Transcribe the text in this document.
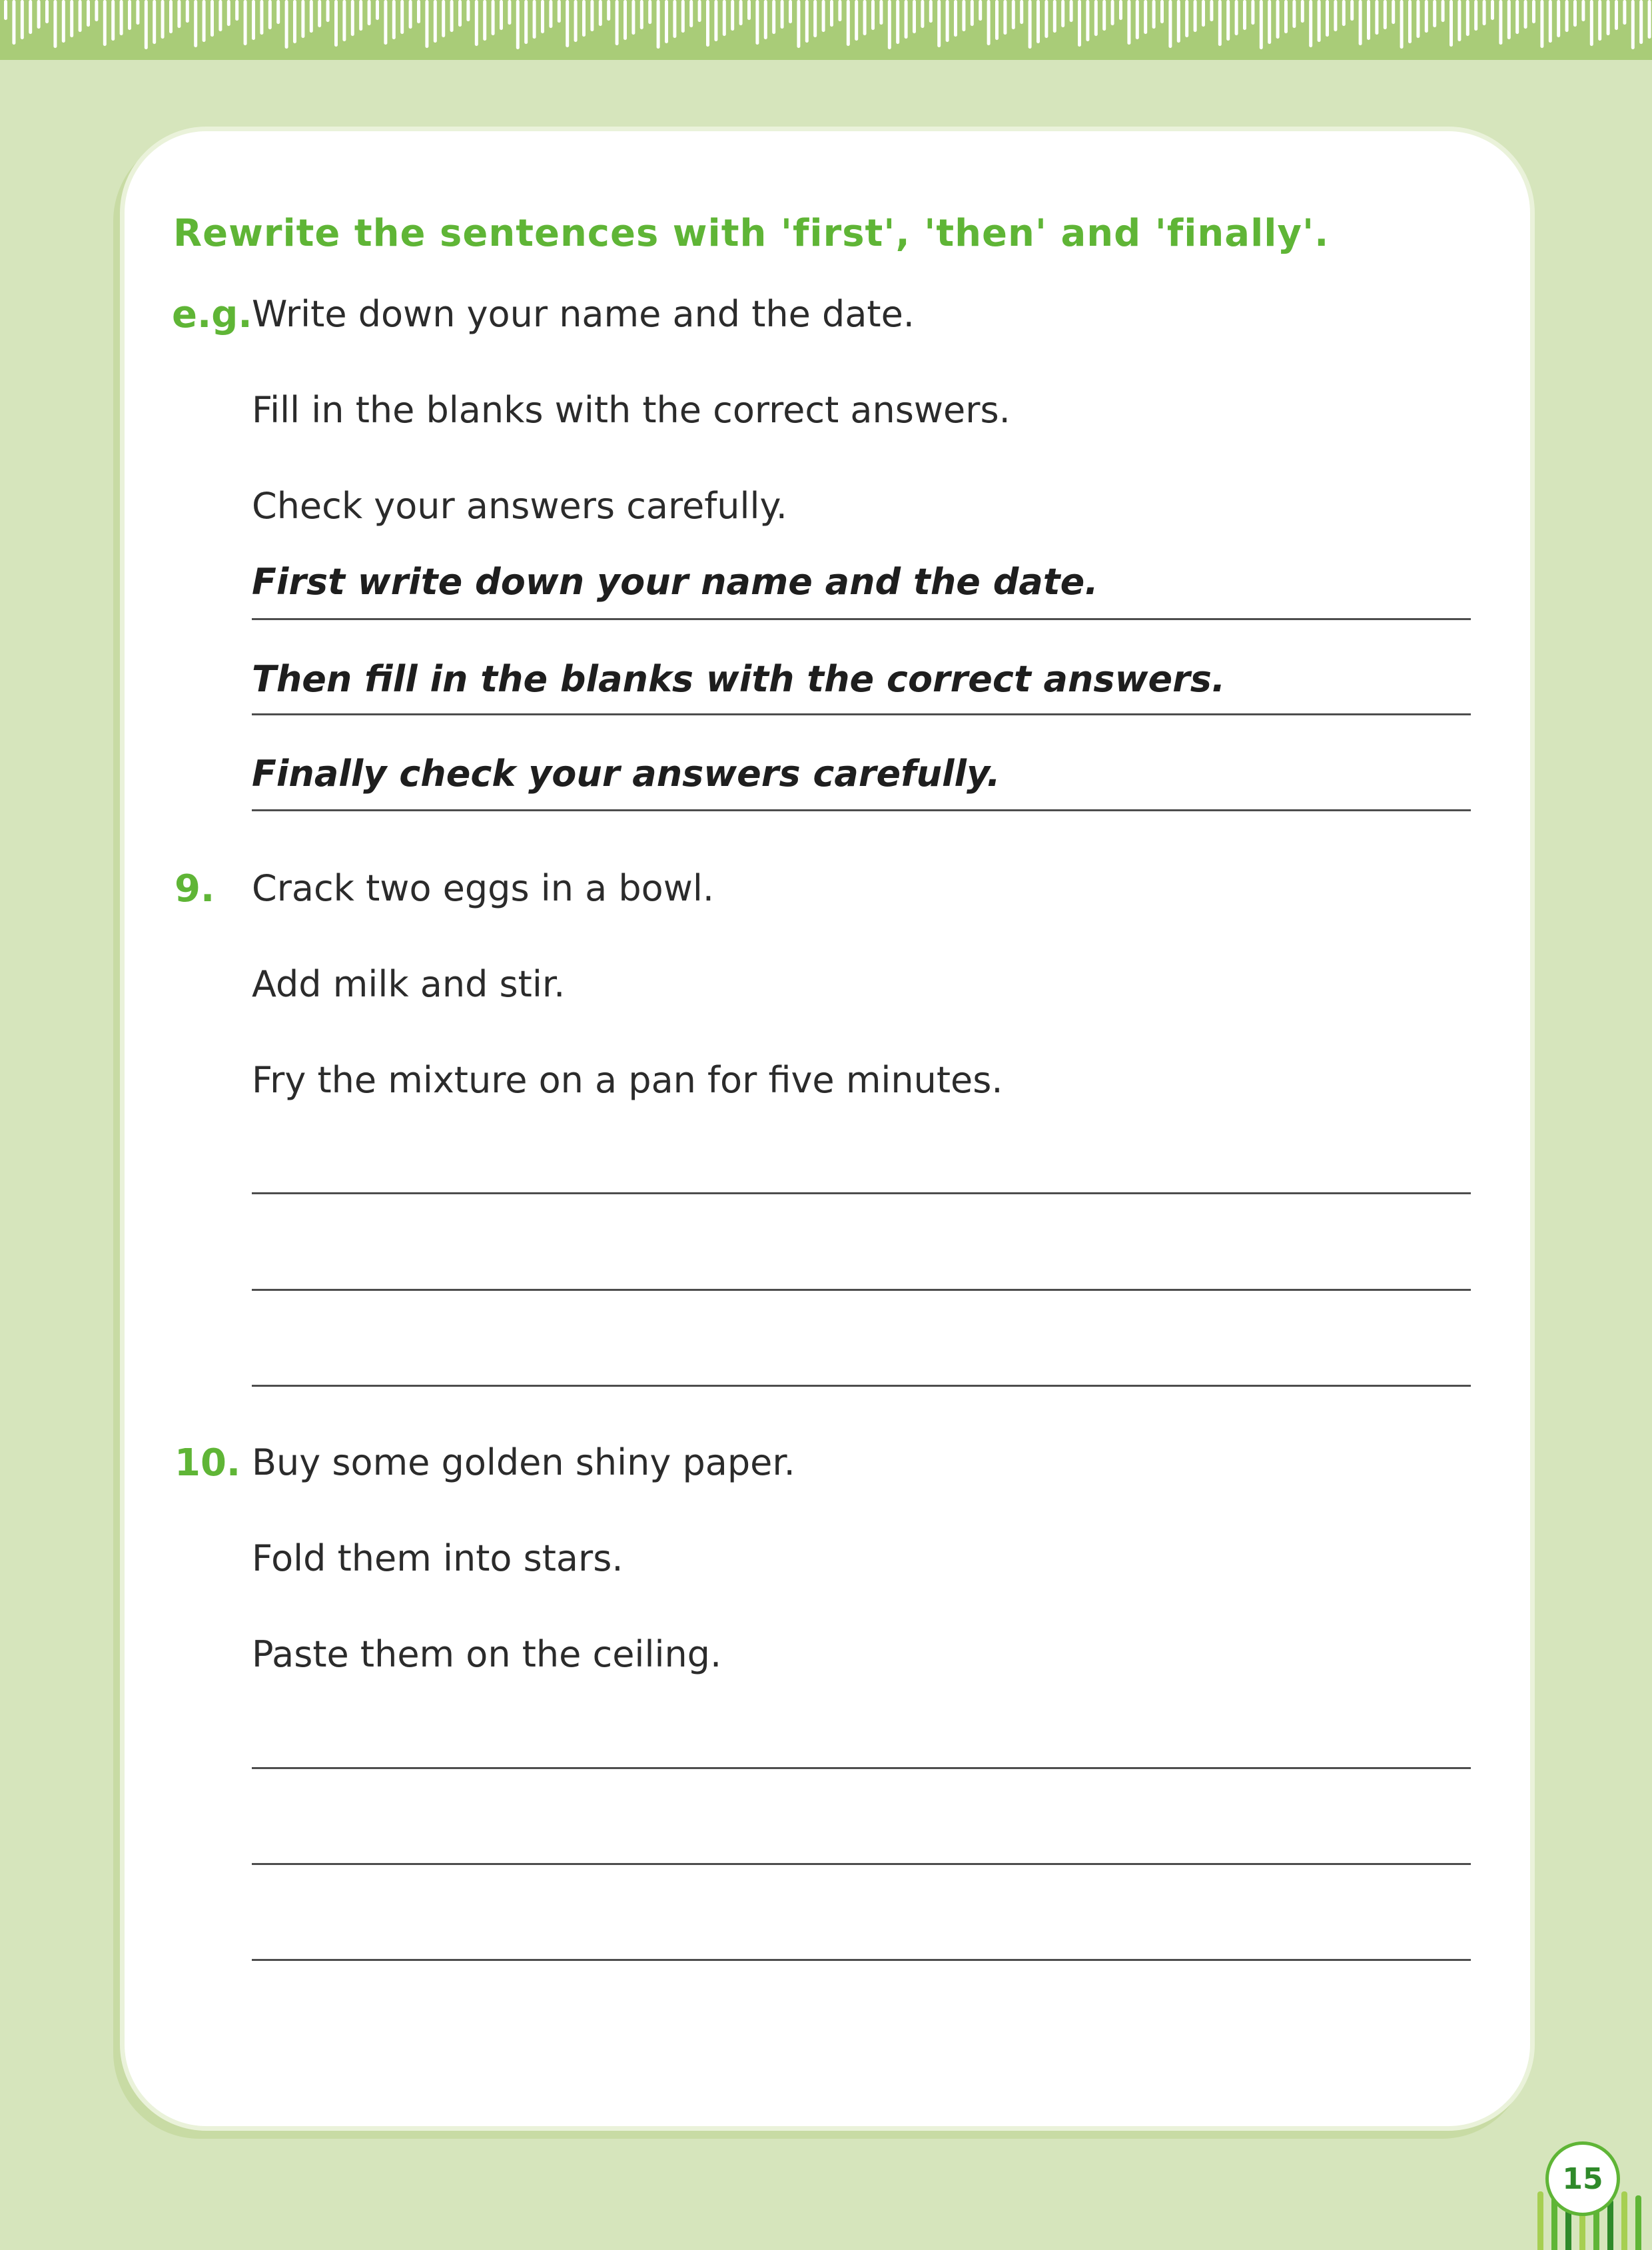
Rewrite the sentences with 'first', 'then' and 'finally'.
e.g. Write down your name and the date.
Fill in the blanks with the correct answers.
Check your answers carefully.
First write down your name and the date.
Then fill in the blanks with the correct answers.
Finally check your answers carefully.
9. Crack two eggs in a bowl.
Add milk and stir.
Fry the mixture on a pan for five minutes.
10. Buy some golden shiny paper.
Fold them into stars.
Paste them on the ceiling.
15
